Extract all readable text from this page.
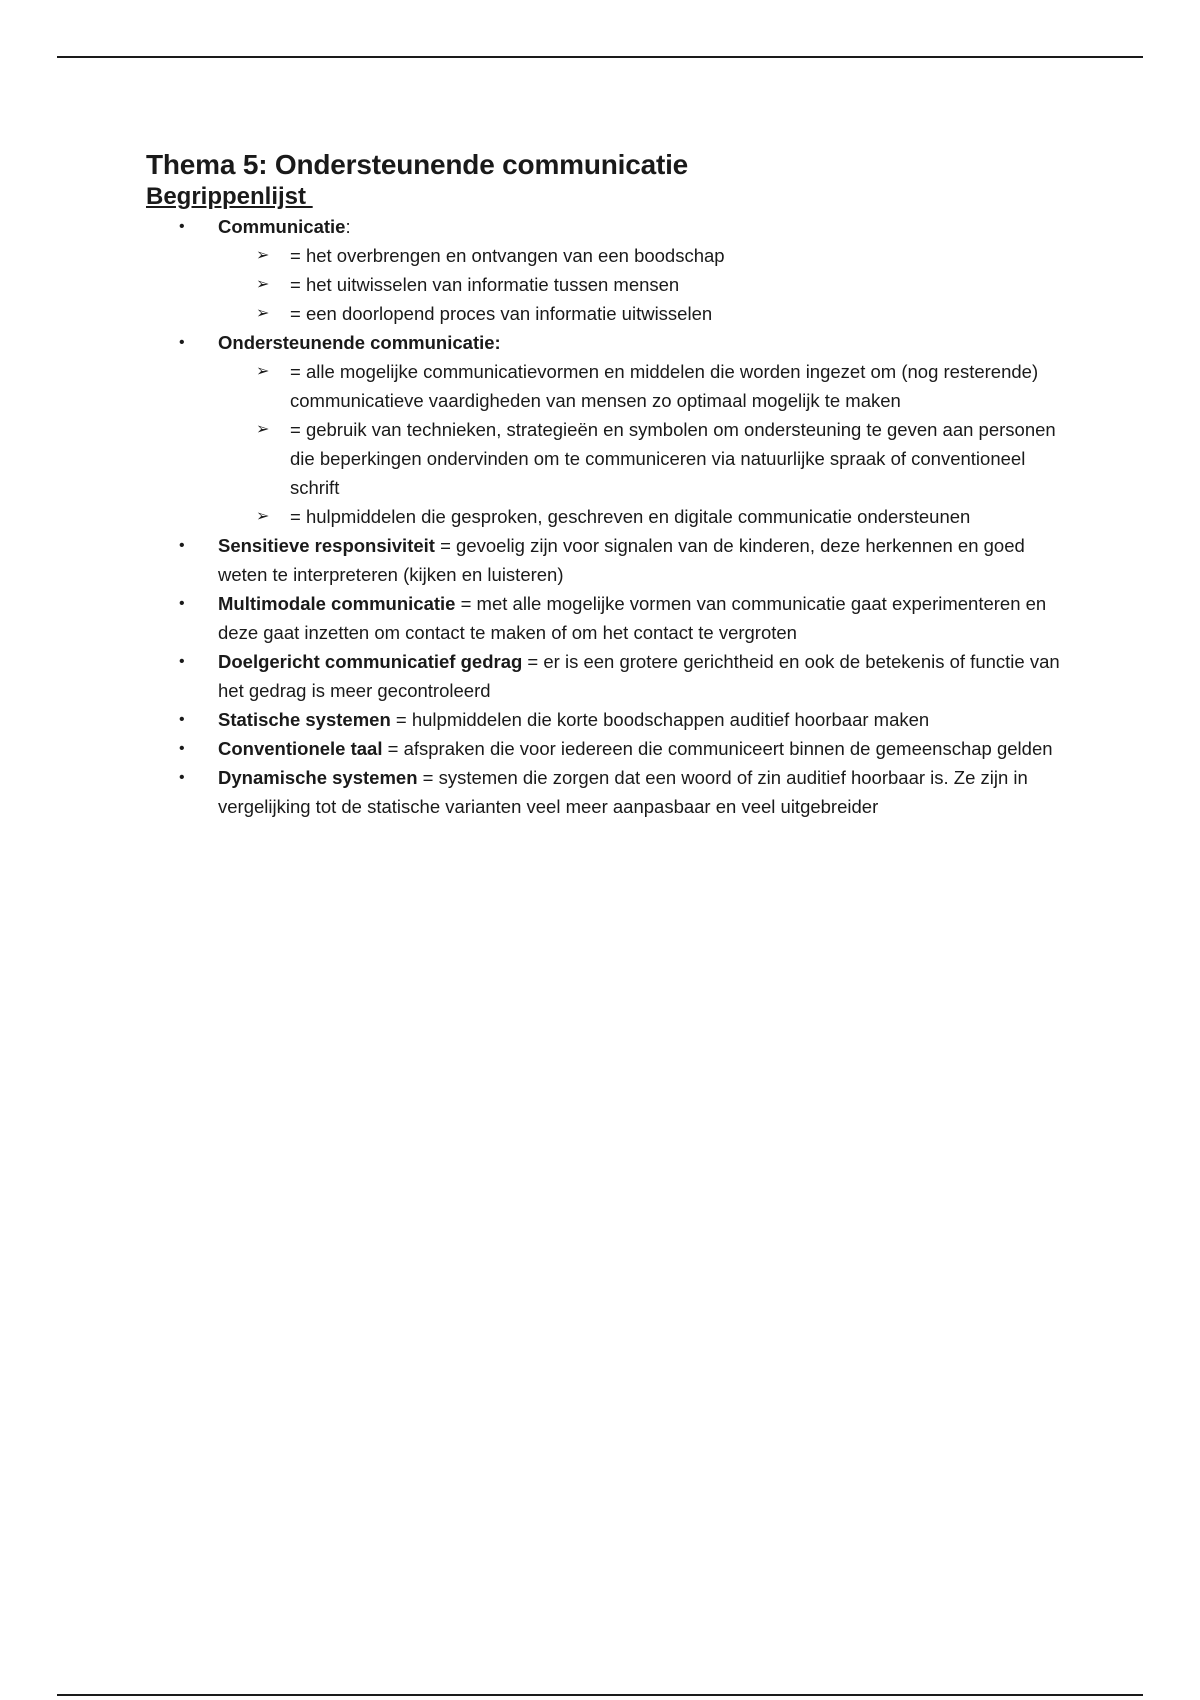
Thema 5: Ondersteunende communicatie
Begrippenlijst
• Communicatie:
➢ = het overbrengen en ontvangen van een boodschap
➢ = het uitwisselen van informatie tussen mensen
➢ = een doorlopend proces van informatie uitwisselen
• Ondersteunende communicatie:
➢ = alle mogelijke communicatievormen en middelen die worden ingezet om (nog resterende) communicatieve vaardigheden van mensen zo optimaal mogelijk te maken
➢ = gebruik van technieken, strategieën en symbolen om ondersteuning te geven aan personen die beperkingen ondervinden om te communiceren via natuurlijke spraak of conventioneel schrift
➢ = hulpmiddelen die gesproken, geschreven en digitale communicatie ondersteunen
• Sensitieve responsiviteit = gevoelig zijn voor signalen van de kinderen, deze herkennen en goed weten te interpreteren (kijken en luisteren)
• Multimodale communicatie = met alle mogelijke vormen van communicatie gaat experimenteren en deze gaat inzetten om contact te maken of om het contact te vergroten
• Doelgericht communicatief gedrag = er is een grotere gerichtheid en ook de betekenis of functie van het gedrag is meer gecontroleerd
• Statische systemen = hulpmiddelen die korte boodschappen auditief hoorbaar maken
• Conventionele taal = afspraken die voor iedereen die communiceert binnen de gemeenschap gelden
• Dynamische systemen = systemen die zorgen dat een woord of zin auditief hoorbaar is. Ze zijn in vergelijking tot de statische varianten veel meer aanpasbaar en veel uitgebreider
